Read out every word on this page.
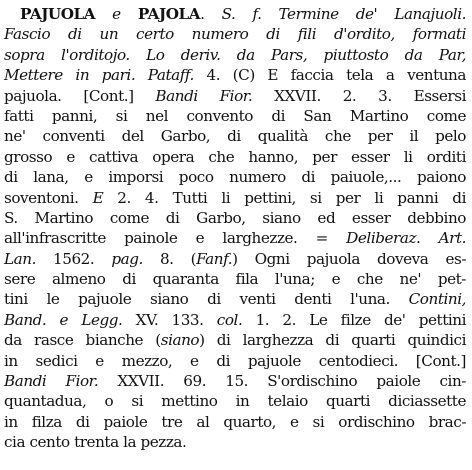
PAJUOLA e PAJOLA. S. f. Termine de' Lanajuoli.
Fascio di un certo numero di fili d'ordito, formati
sopra l'orditojo. Lo deriv. da Pars, piuttosto da Par,
Mettere in pari. Pataff. 4. (C) E faccia tela a ventuna
pajuola. [Cont.] Bandi Fior. XXVII. 2. 3. Essersi
fatti panni, si nel convento di San Martino come
ne' conventi del Garbo, di qualità che per il pelo
grosso e cattiva opera che hanno, per esser li orditi
di lana, e imporsi poco numero di paiuole,... paiono
soventoni. E 2. 4. Tutti li pettini, si per li panni di
S. Martino come di Garbo, siano ed esser debbino
all'infrascritte painole e larghezze. = Deliberaz. Art.
Lan. 1562. pag. 8. (Fanf.) Ogni pajuola doveva es-
sere almeno di quaranta fila l'una; e che ne' pet-
tini le pajuole siano di venti denti l'una. Contini,
Band. e Legg. XV. 133. col. 1. 2. Le filze de' pettini
da rasce bianche (siano) di larghezza di quarti quindici
in sedici e mezzo, e di pajuole centodieci. [Cont.]
Bandi Fior. XXVII. 69. 15. S'ordischino paiole cin-
quantadua, o si mettino in telaio quarti diciassette
in filza di paiole tre al quarto, e si ordischino brac-
cia cento trenta la pezza.
